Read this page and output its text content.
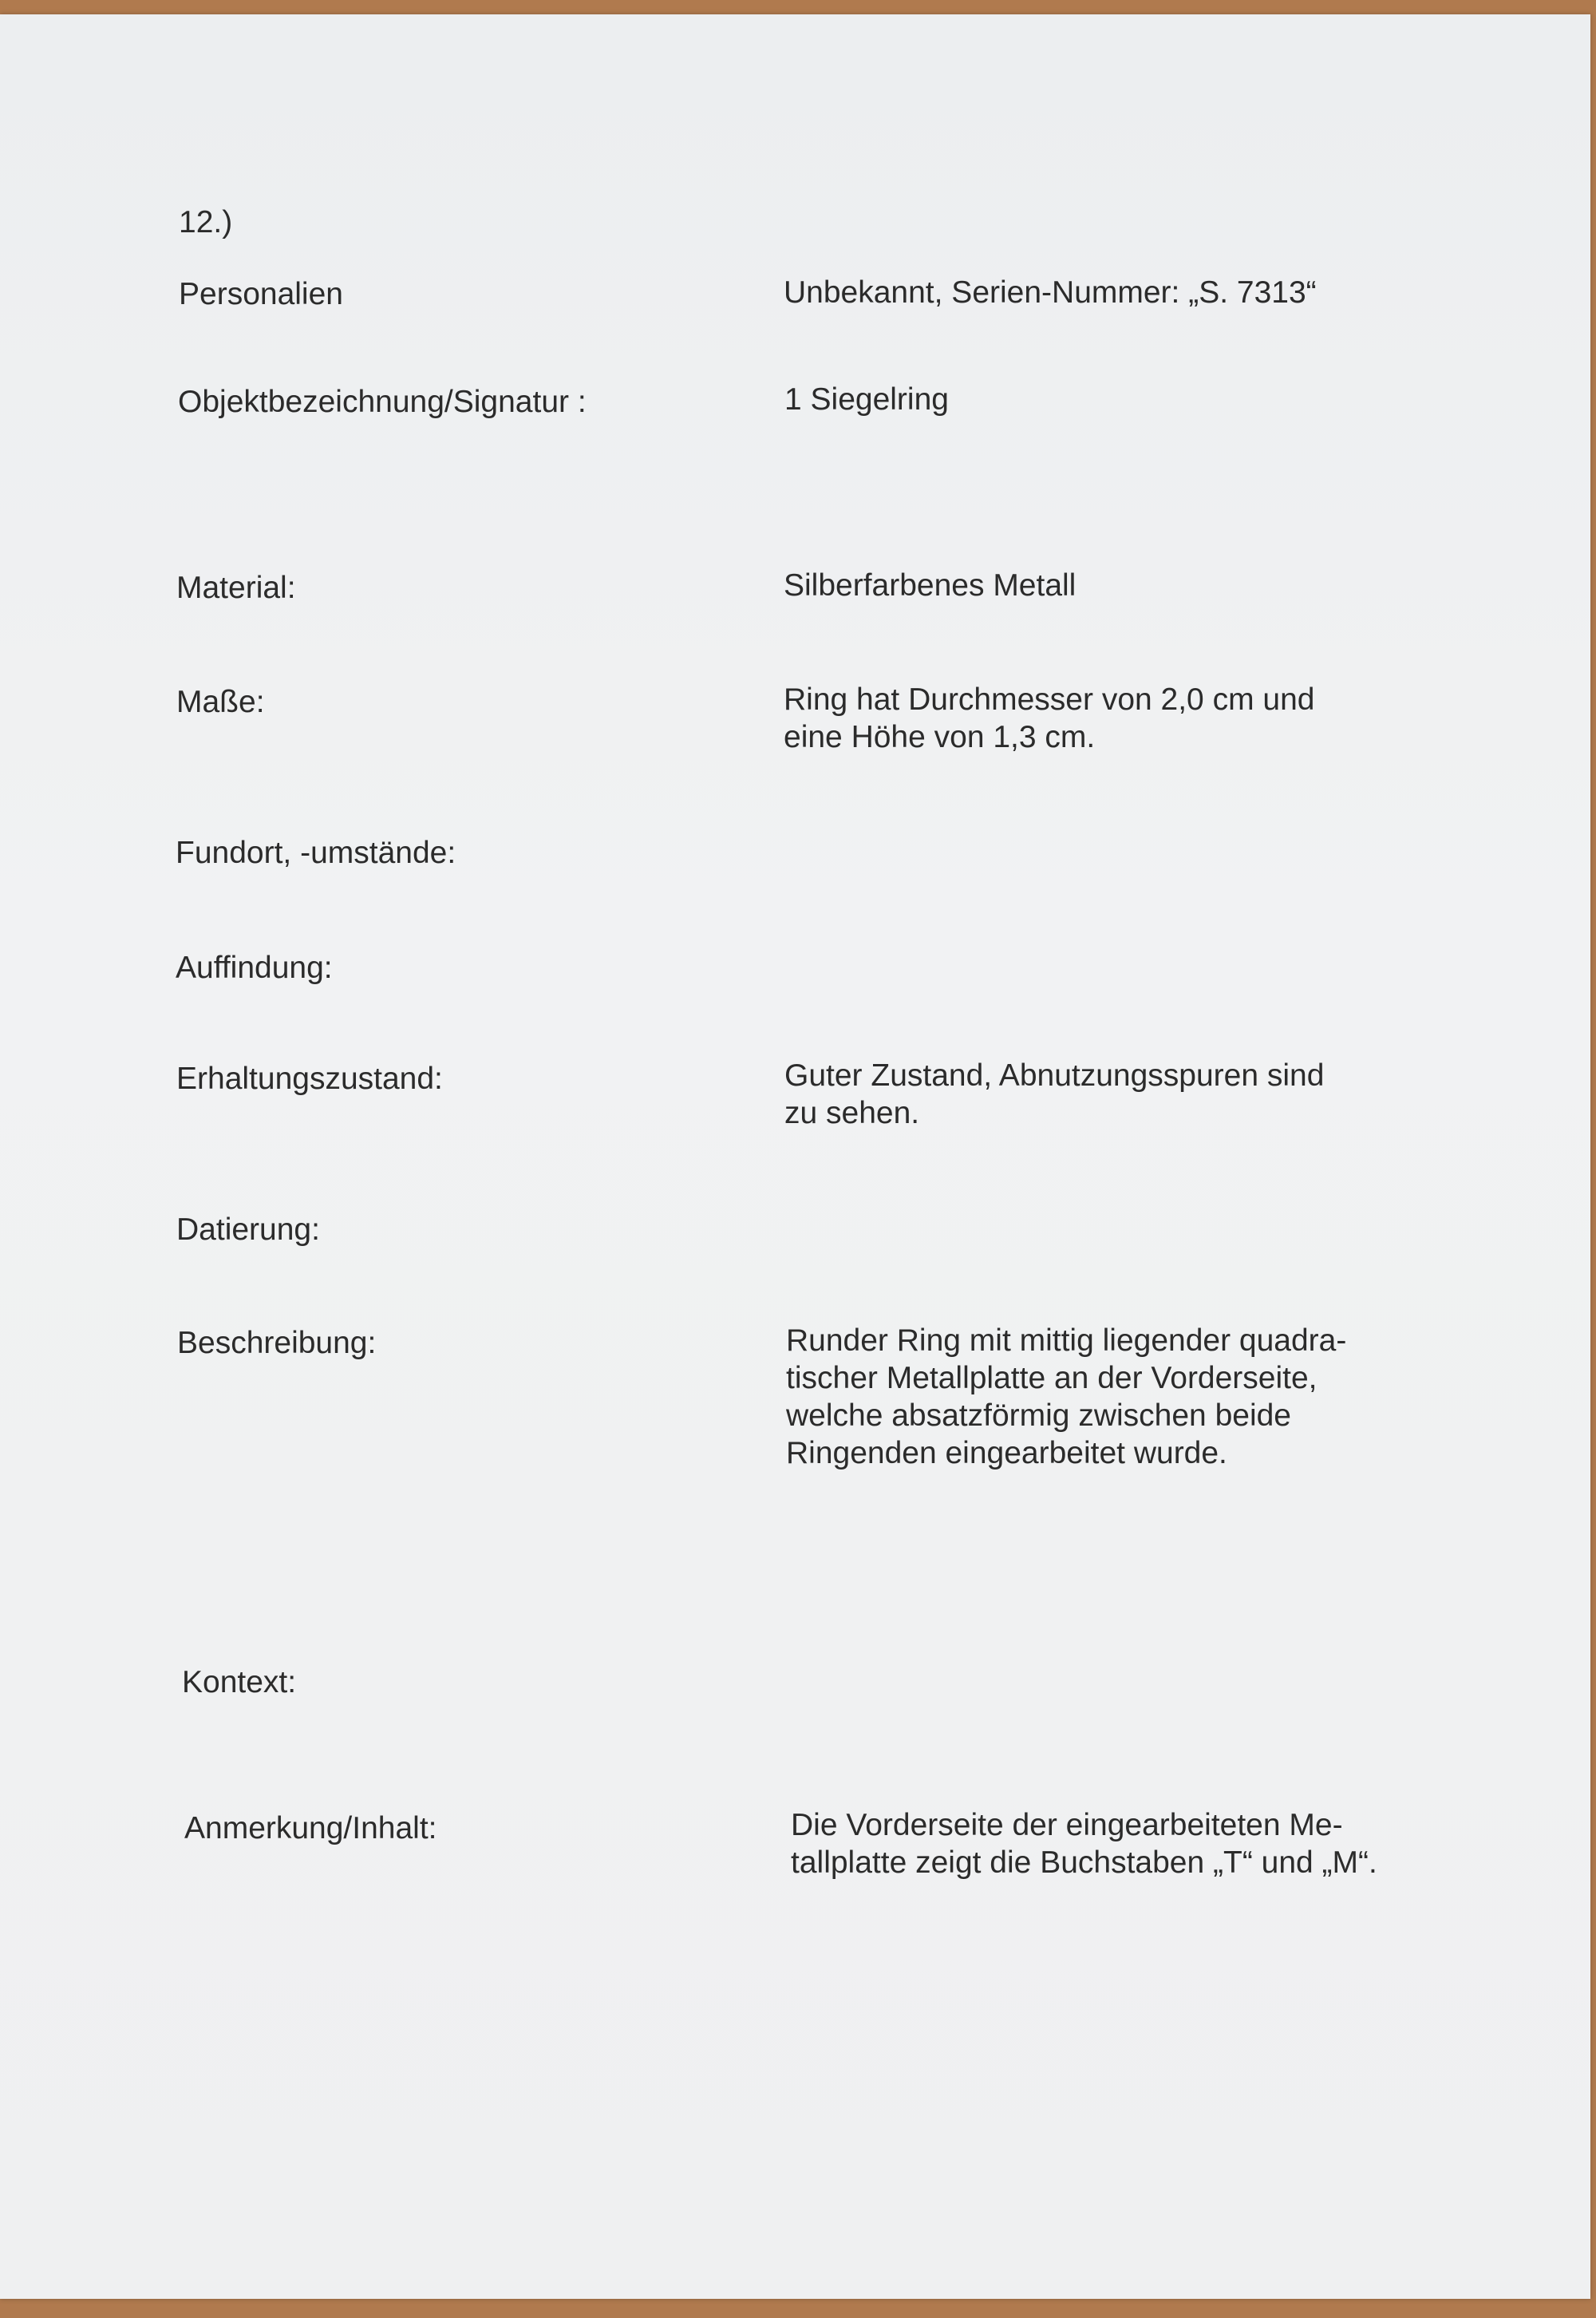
12.)

Personalien	Unbekannt, Serien-Nummer: „S. 7313“

Objektbezeichnung/Signatur :	1 Siegelring

Material:	Silberfarbenes Metall

Maße:	Ring hat Durchmesser von 2,0 cm und
eine Höhe von 1,3 cm.

Fundort, -umstände:

Auffindung:

Erhaltungszustand:	Guter Zustand, Abnutzungsspuren sind
zu sehen.

Datierung:

Beschreibung:	Runder Ring mit mittig liegender quadra-
tischer Metallplatte an der Vorderseite,
welche absatzförmig zwischen beide
Ringenden eingearbeitet wurde.

Kontext:

Anmerkung/Inhalt:	Die Vorderseite der eingearbeiteten Me-
tallplatte zeigt die Buchstaben „T“ und „M“.
